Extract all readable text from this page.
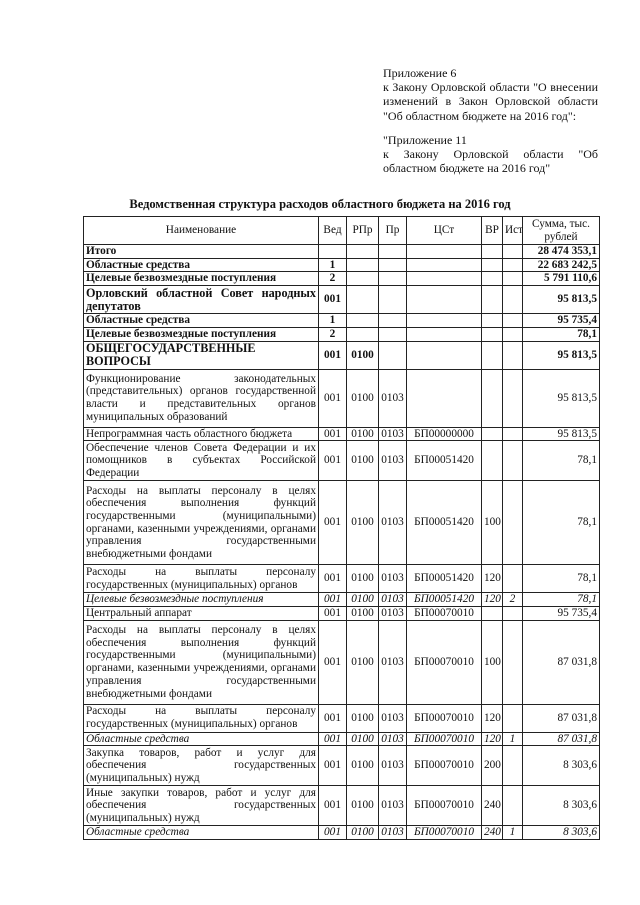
Приложение 6

к Закону Орловской области "О внесении изменений в Закон Орловской области "Об областном бюджете на 2016 год":

"Приложение 11

к Закону Орловской области "Об областном бюджете на 2016 год"

Ведомственная структура расходов областного бюджета на 2016 год
Наименование	Вед	РПр	Пр	ЦСт	ВР	Ист	Сумма, тыс. рублей
Итого							28 474 353,1
Областные средства	1						22 683 242,5
Целевые безвозмездные поступления	2						5 791 110,6
Орловский областной Совет народных депутатов	001						95 813,5
Областные средства	1						95 735,4
Целевые безвозмездные поступления	2						78,1
ОБЩЕГОСУДАРСТВЕННЫЕ ВОПРОСЫ	001	0100					95 813,5
Функционирование законодательных (представительных) органов государственной власти и представительных органов муниципальных образований	001	0100	0103				95 813,5
Непрограммная часть областного бюджета	001	0100	0103	БП00000000			95 813,5
Обеспечение членов Совета Федерации и их помощников в субъектах Российской Федерации	001	0100	0103	БП00051420			78,1
Расходы на выплаты персоналу в целях обеспечения выполнения функций государственными (муниципальными) органами, казенными учреждениями, органами управления государственными внебюджетными фондами	001	0100	0103	БП00051420	100		78,1
Расходы на выплаты персоналу государственных (муниципальных) органов	001	0100	0103	БП00051420	120		78,1
Целевые безвозмездные поступления	001	0100	0103	БП00051420	120	2	78,1
Центральный аппарат	001	0100	0103	БП00070010			95 735,4
Расходы на выплаты персоналу в целях обеспечения выполнения функций государственными (муниципальными) органами, казенными учреждениями, органами управления государственными внебюджетными фондами	001	0100	0103	БП00070010	100		87 031,8
Расходы на выплаты персоналу государственных (муниципальных) органов	001	0100	0103	БП00070010	120		87 031,8
Областные средства	001	0100	0103	БП00070010	120	1	87 031,8
Закупка товаров, работ и услуг для обеспечения государственных (муниципальных) нужд	001	0100	0103	БП00070010	200		8 303,6
Иные закупки товаров, работ и услуг для обеспечения государственных (муниципальных) нужд	001	0100	0103	БП00070010	240		8 303,6
Областные средства	001	0100	0103	БП00070010	240	1	8 303,6
